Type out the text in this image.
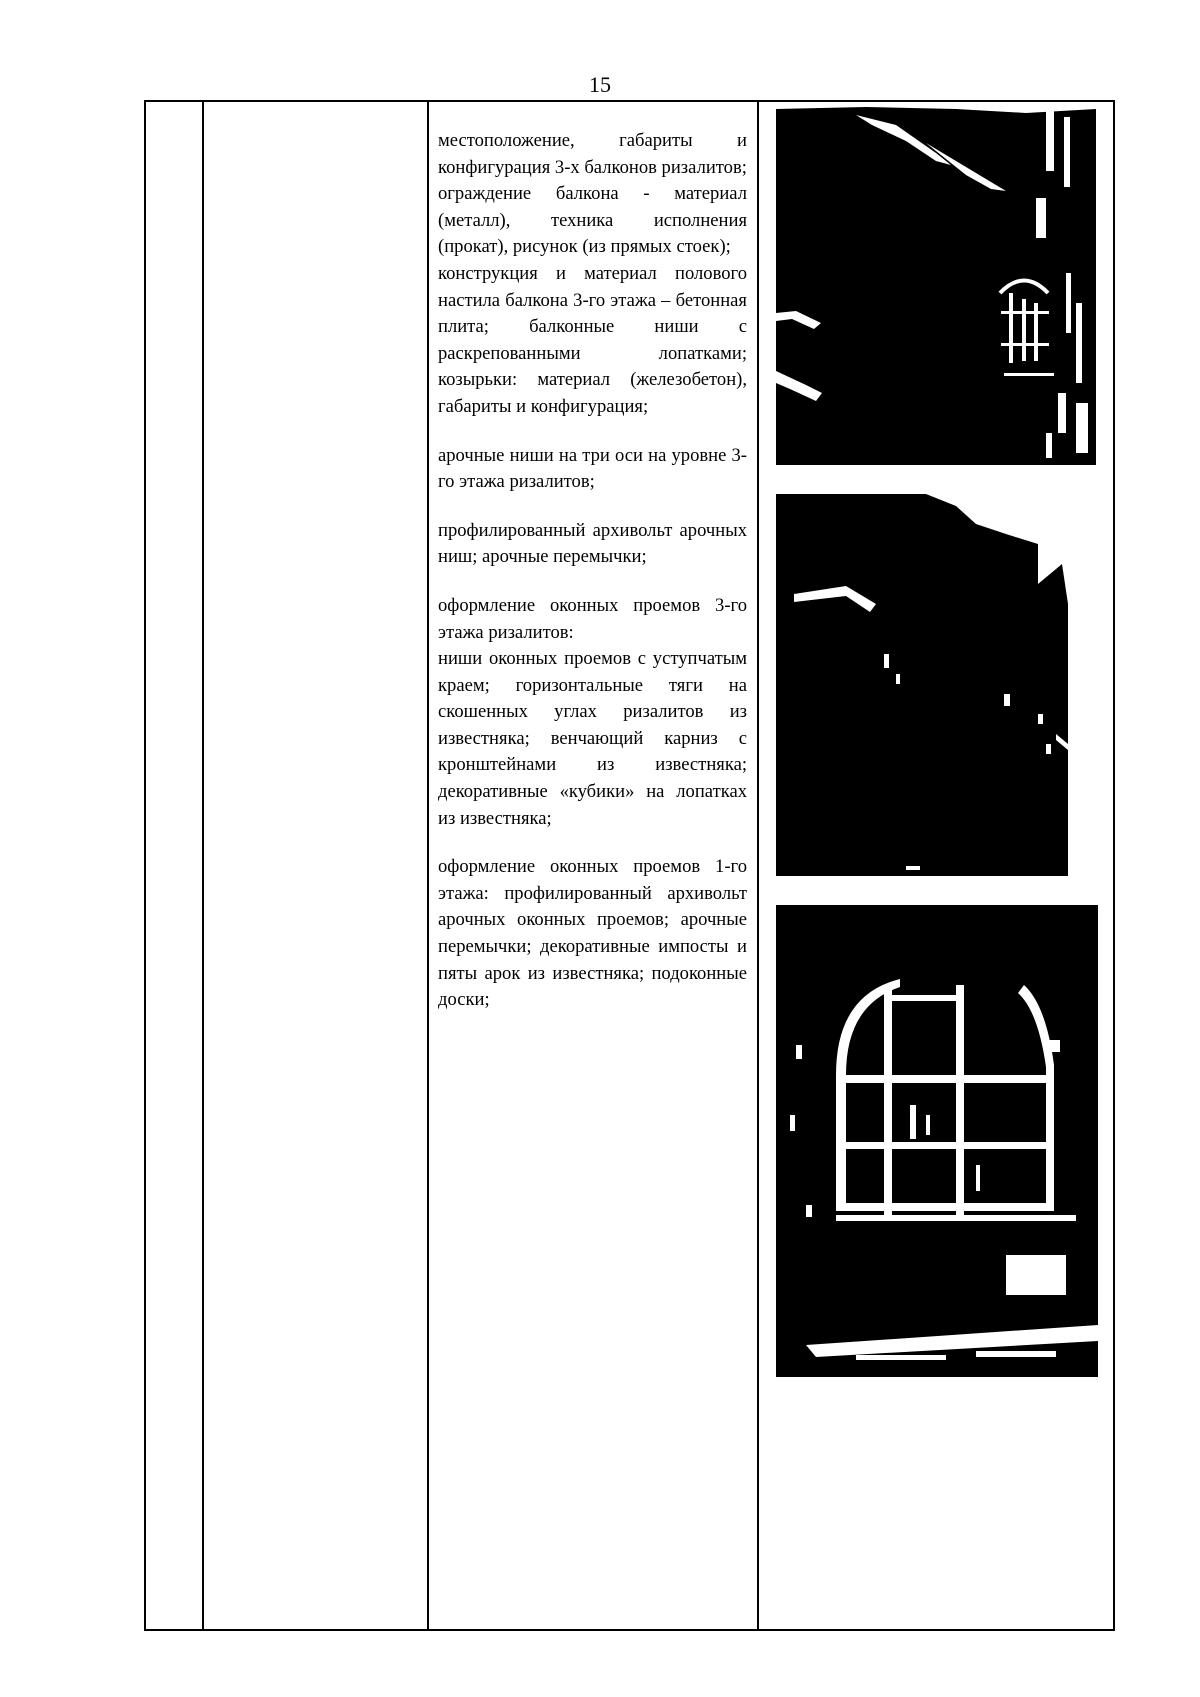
15

местоположение, габариты и конфигурация 3-х балконов ризалитов;

ограждение балкона - материал (металл), техника исполнения (прокат), рисунок (из прямых стоек);

конструкция и материал полового настила балкона 3-го этажа – бетонная плита; балконные ниши с раскрепованными лопатками; козырьки: материал (железобетон), габариты и конфигурация;

арочные ниши на три оси на уровне 3-го этажа ризалитов;

профилированный архивольт арочных ниш; арочные перемычки;

оформление оконных проемов 3-го этажа ризалитов:

ниши оконных проемов с уступчатым краем; горизонтальные тяги на скошенных углах ризалитов из известняка; венчающий карниз с кронштейнами из известняка; декоративные «кубики» на лопатках из известняка;

оформление оконных проемов 1-го этажа: профилированный архивольт арочных оконных проемов; арочные перемычки; декоративные импосты и пяты арок из известняка; подоконные доски;
